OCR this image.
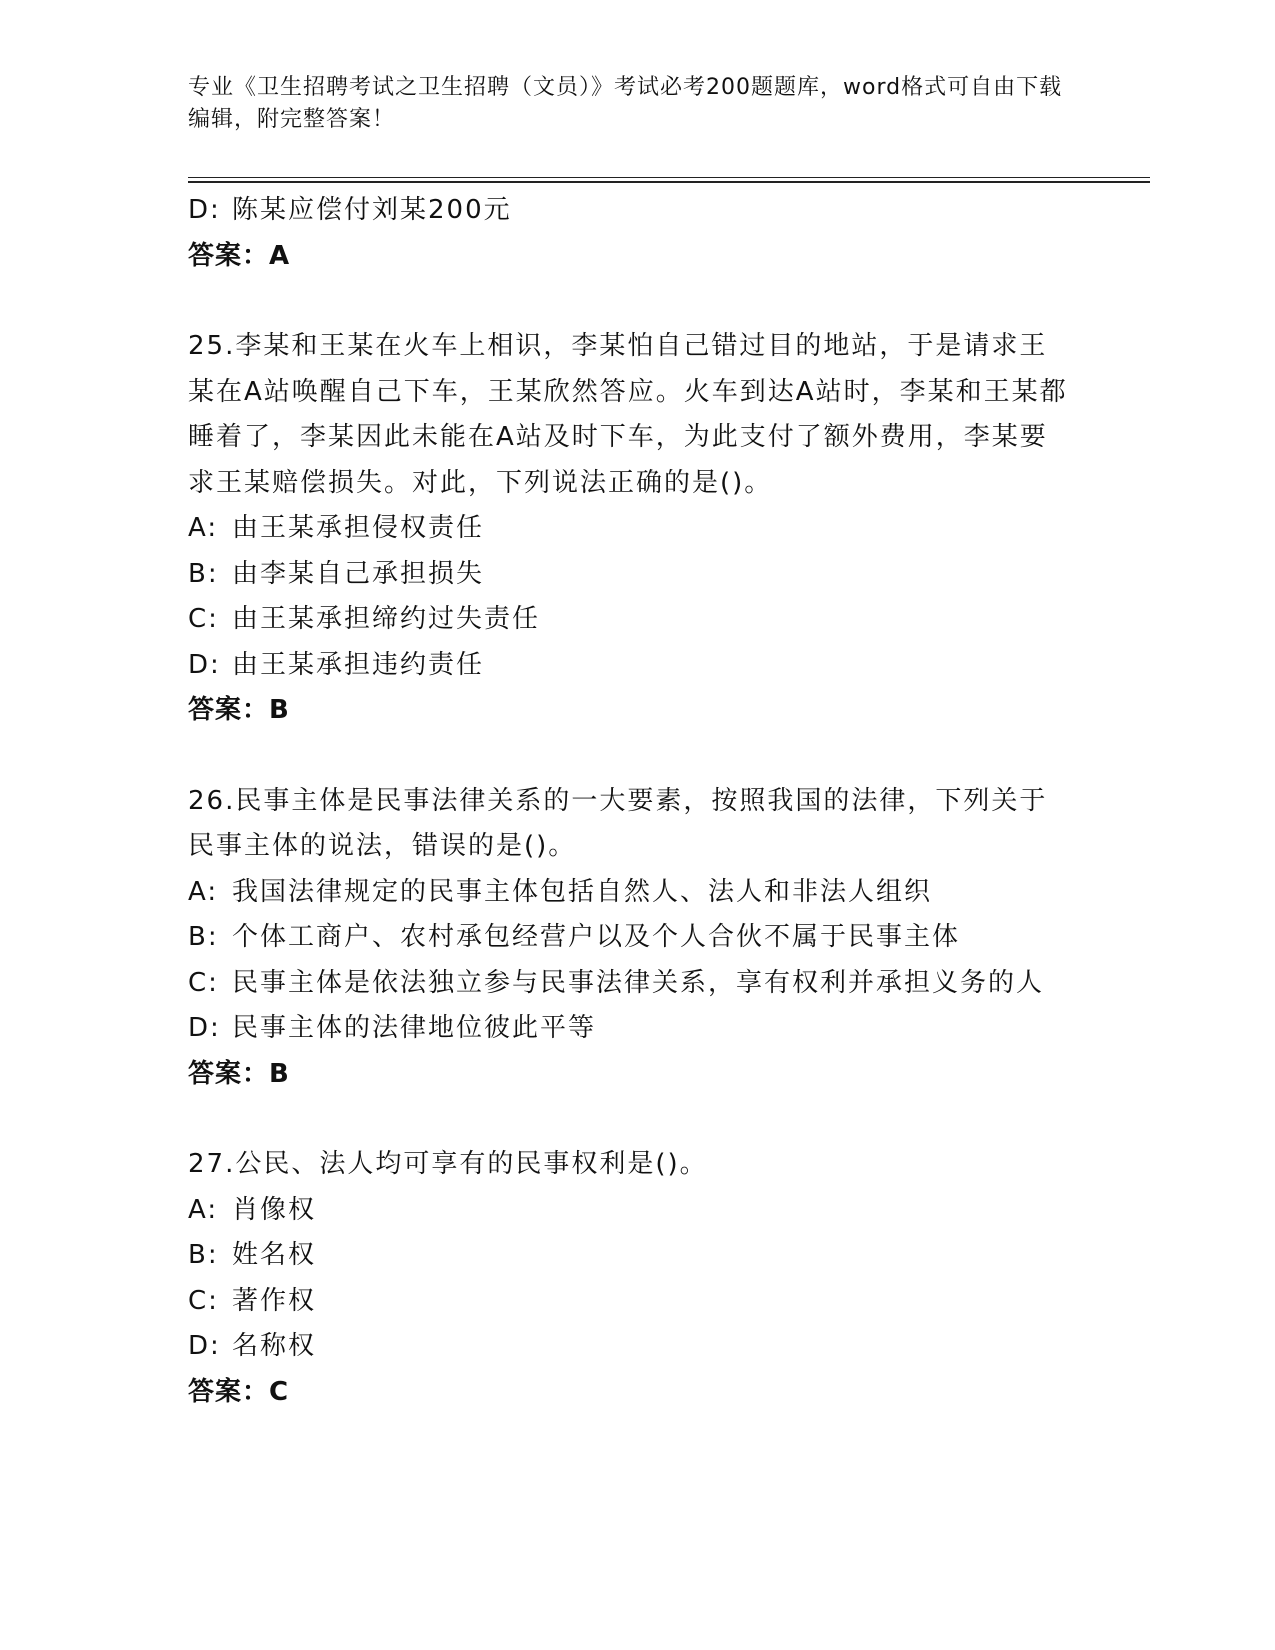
专业《卫生招聘考试之卫生招聘（文员）》考试必考200题题库，word格式可自由下载编辑，附完整答案！
D: 陈某应偿付刘某200元
答案：A
25.李某和王某在火车上相识，李某怕自己错过目的地站，于是请求王某在A站唤醒自己下车，王某欣然答应。火车到达A站时，李某和王某都睡着了，李某因此未能在A站及时下车，为此支付了额外费用，李某要求王某赔偿损失。对此，下列说法正确的是()。
A: 由王某承担侵权责任
B: 由李某自己承担损失
C: 由王某承担缔约过失责任
D: 由王某承担违约责任
答案：B
26.民事主体是民事法律关系的一大要素，按照我国的法律，下列关于民事主体的说法，错误的是()。
A: 我国法律规定的民事主体包括自然人、法人和非法人组织
B: 个体工商户、农村承包经营户以及个人合伙不属于民事主体
C: 民事主体是依法独立参与民事法律关系，享有权利并承担义务的人
D: 民事主体的法律地位彼此平等
答案：B
27.公民、法人均可享有的民事权利是()。
A: 肖像权
B: 姓名权
C: 著作权
D: 名称权
答案：C
